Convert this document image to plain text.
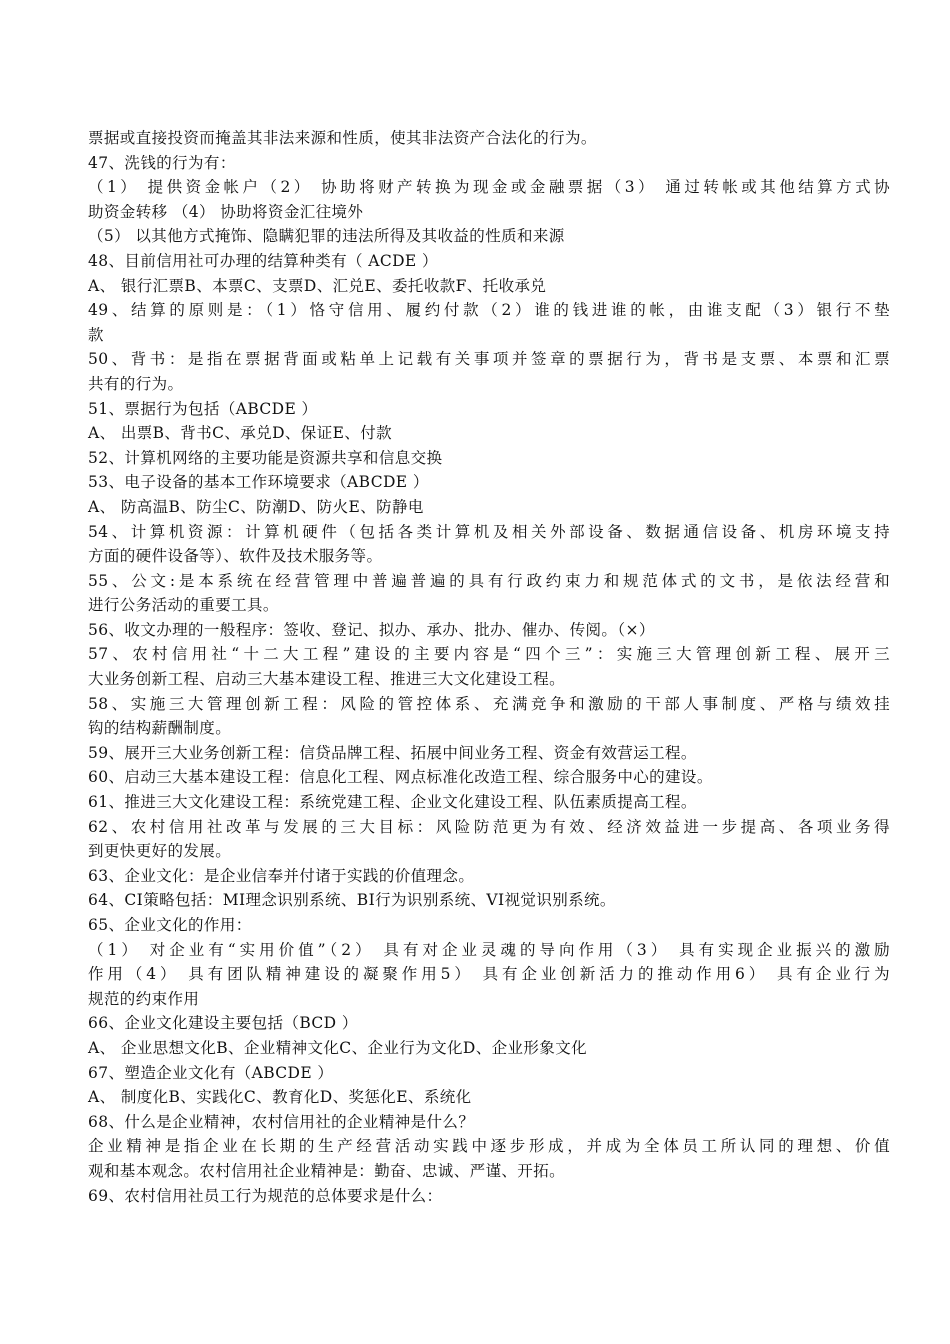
票据或直接投资而掩盖其非法来源和性质，使其非法资产合法化的行为。
47、洗钱的行为有：
（1） 提供资金帐户（2） 协助将财产转换为现金或金融票据（3） 通过转帐或其他结算方式协
助资金转移 （4） 协助将资金汇往境外
（5） 以其他方式掩饰、隐瞒犯罪的违法所得及其收益的性质和来源
48、目前信用社可办理的结算种类有（ ACDE ）
A、 银行汇票B、本票C、支票D、汇兑E、委托收款F、托收承兑
49、结算的原则是：（1）恪守信用、履约付款（2）谁的钱进谁的帐，由谁支配（3）银行不垫
款
50、背书：是指在票据背面或粘单上记载有关事项并签章的票据行为，背书是支票、本票和汇票
共有的行为。
51、票据行为包括（ABCDE ）
A、 出票B、背书C、承兑D、保证E、付款
52、计算机网络的主要功能是资源共享和信息交换
53、电子设备的基本工作环境要求（ABCDE ）
A、 防高温B、防尘C、防潮D、防火E、防静电
54、计算机资源：计算机硬件（包括各类计算机及相关外部设备、数据通信设备、机房环境支持
方面的硬件设备等）、软件及技术服务等。
55、公文:是本系统在经营管理中普遍普遍的具有行政约束力和规范体式的文书，是依法经营和
进行公务活动的重要工具。
56、收文办理的一般程序：签收、登记、拟办、承办、批办、催办、传阅。（×）
57、农村信用社“十二大工程”建设的主要内容是“四个三”：实施三大管理创新工程、展开三
大业务创新工程、启动三大基本建设工程、推进三大文化建设工程。
58、实施三大管理创新工程：风险的管控体系、充满竞争和激励的干部人事制度、严格与绩效挂
钩的结构薪酬制度。
59、展开三大业务创新工程：信贷品牌工程、拓展中间业务工程、资金有效营运工程。
60、启动三大基本建设工程：信息化工程、网点标准化改造工程、综合服务中心的建设。
61、推进三大文化建设工程：系统党建工程、企业文化建设工程、队伍素质提高工程。
62、农村信用社改革与发展的三大目标：风险防范更为有效、经济效益进一步提高、各项业务得
到更快更好的发展。
63、企业文化：是企业信奉并付诸于实践的价值理念。
64、CI策略包括：MI理念识别系统、BI行为识别系统、VI视觉识别系统。
65、企业文化的作用：
（1） 对企业有“实用价值”（2） 具有对企业灵魂的导向作用（3） 具有实现企业振兴的激励
作用（4） 具有团队精神建设的凝聚作用5） 具有企业创新活力的推动作用6） 具有企业行为
规范的约束作用
66、企业文化建设主要包括（BCD ）
A、 企业思想文化B、企业精神文化C、企业行为文化D、企业形象文化
67、塑造企业文化有（ABCDE ）
A、 制度化B、实践化C、教育化D、奖惩化E、系统化
68、什么是企业精神，农村信用社的企业精神是什么？
企业精神是指企业在长期的生产经营活动实践中逐步形成，并成为全体员工所认同的理想、价值
观和基本观念。农村信用社企业精神是：勤奋、忠诚、严谨、开拓。
69、农村信用社员工行为规范的总体要求是什么：
